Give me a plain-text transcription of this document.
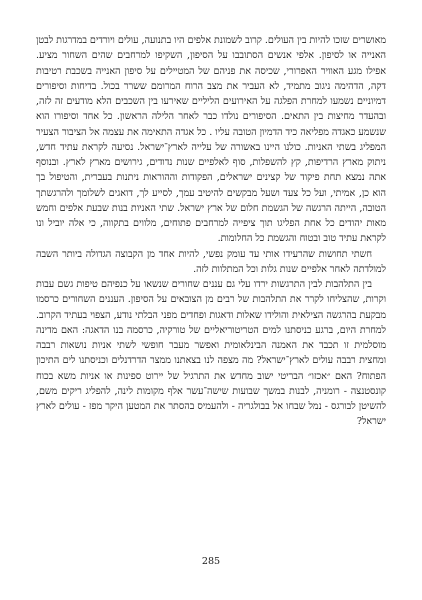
מאושרים שזכו להיות בין העולים. קרוב לשמונת אלפים היו בתנועה, עולים ויורדים במדרגות לבטן האנייה או לסיפון. אלפי אנשים הסתובבו על הסיפון, השקיפו למרחבים שהים השחור מציע. אפילו מגע האוויר האפרורי, שכיסה את פניהם של המטיילים על סיפון האנייה בשכבת רטיבות דקה, הדהימה ניגוב מתמיד, לא העביר את מצב הרוח המרומם ששרר בכול. בדיחות וסיפורים דמיוניים נשמעו למחרת הפלגה על האירועים הליליים שאירעו בין השכבים הלא מודעים זה לזה, ובהעדר מחיצות בין התאים. הסיפורים נולדו כבר לאחר הלילה הראשון. כל אחד וסיפורו הוא שנשמע כאגדה מפליאה כיד הדמיון הטובה עליו . כל אגדה התאימה את עצמה אל הציבור הצעיר המפליג בשתי האניות. כולנו היינו באשורה של עלייה לארץ־ישראל. נסיעה לקראת עתיד חדש, ניתוק מארץ הרדיפות, קץ להשפלות, סוף לאלפיים שנות נדודים, גירושים מארץ לארץ. ובנוסף אתה נמצא תחת פיקוד של קצינים ישראלים, הפקודות וההוראות ניתנות בעברית, והטיפול בך הוא כן, אמיתי, ועל כל צעד ושעל מבקשים להיטיב עמך, לסייע לך, דואגים לשלומך ולהרגשתך הטובה, הייתה הרגשה של הגשמת חלום של ארץ ישראל. שתי האניות בנות שבעת אלפים וחמש מאות יהודים כל אחת הפליגו תוך ציפייה למרחבים פתוחים, מלווים בתקווה, כי אלה יוביל ונו לקראת עתיד טוב ובטוח והגשמת כל החלומות.

חשתי תחושות שהרעידו אותי עד עומק נפשי, להיות אחד מן הקבוצה הגדולה ביותר השבה למולדתה לאחר אלפיים שנות גלות וכל המתלוות לזה.

בין התלהבות לבין התרגשות ירדו עלי גם עננים שחורים שנשאו על כנפיהם טיפות גשם עבות וקרות, שהצליחו לקרר את התלהבות של רבים מן הצובאים על הסיפון. העננים השחורים כרסמו מבקעת בהרגשה הצילאית והולידו שאלות ודאגות ופחדים מפני הבלתי נודע, הצפוי בעתיד הקרוב. למחרת היום, ברגע כניסתנו למים הטריטוריאליים של טורקיה, כרסמה בנו הדאגה: האם מדינה מוסלמית זו תכבד את האמנה הבינלאומית ואפשר מעבר חופשי לשתי אניות נושאות רבבה ומחצית רבבה עולים לארץ־ישראל? מה מצפה לנו בצאתנו ממצר הדרדנלים וכניסתנו לים התיכון הפתוח? האם ״אכזו״ הבריטי ישוב מחדש את התרגיל של יירוט ספינות או אניות משא בכוח קונסטנצה - רומניה, לבנות במשך שבועות שישה־עשר אלף מקומות לינה, להפליג ריקים משם, להשיטן לבורגס - נמל שבחו אל בבולגריה - ולהעמיס בהסתר את המטען היקר מפז - עולים לארץ ישראל?

285
